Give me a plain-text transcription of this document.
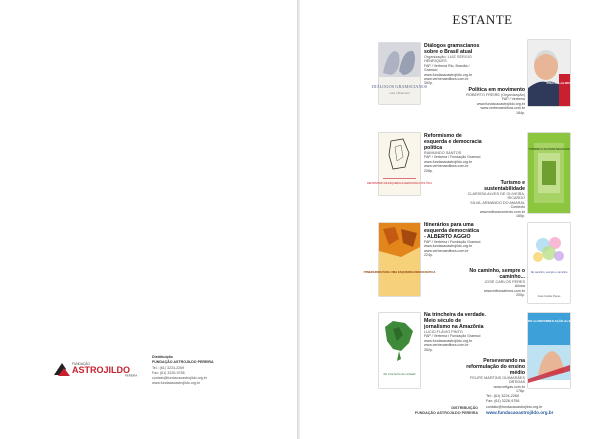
FUNDAÇÃO
ASTROJILDO
PEREIRA
Distribuição
FUNDAÇÃO ASTROJILDO PEREIRA
Tel.: (61) 3224-2269
Fax: (61) 3226-9756
contato@fundacaoastrojildo.org.br
www.fundacaoastrojildo.org.br
ESTANTE
DIÁLOGOS GRAMSCIANOS
sobre o Brasil atual
Diálogos gramscianos sobre o Brasil atual
Organização: LUIZ SÉRGIO HENRIQUES
FAP / Verbena Rio, Brasília / Gramsci
www.fundacaoastrojildo.org.br
www.verbenaeditora.com.br
392p.	POLÍTICA em MOVIMENTO
Política em movimento
ROBERTO FREIRE (Organização)
FAP / Verbena
www.fundacaoastrojildo.org.br
www.verbenaeditora.com.br
184p.
REFORMISMO DE ESQUERDA E DEMOCRACIA POLÍTICA
Reformismo de esquerda e democracia política
RAIMUNDO SANTOS
FAP / Verbena / Fundação Gramsci
www.fundacaoastrojildo.org.br
www.verbenaeditora.com.br
208p.
TURISMO E SUSTENTABILIDADE
Turismo e sustentabilidade
CLARISSA ALVES DE OLIVEIRA, RICARDO
SILVA, ARMANDO DO AMARAL
Contexto
www.editoracontexto.com.br
160p.
ITINERÁRIOS PARA UMA ESQUERDA DEMOCRÁTICA
Itinerários para uma esquerda democrática - ALBERTO AGGIO
FAP / Verbena / Fundação Gramsci
www.fundacaoastrojildo.org.br
www.verbenaeditora.com.br
224p.
No caminho, sempre o caminho
José Carlos Peres
No caminho, sempre o caminho...
JOSÉ CARLOS PERES
Alínea
www.editoraalinea.com.br
200p.
Na trincheira da verdade
Na trincheira da verdade. Meio século de jornalismo na Amazônia
LUCIO FLÁVIO PINTO
FAP / Verbena / Fundação Gramsci
www.fundacaoastrojildo.org.br
www.verbenaeditora.com.br
352p.
PERSEVERANDO na REFORMULAÇÃO do ENSINO MÉDIO
Perseverando na reformulação do ensino médio
FELIPE MARTINS GUIMARÃES
ORTIGAS
www.ortigas.com.br
176p.
DISTRIBUIÇÃO
FUNDAÇÃO ASTROJILDO PEREIRA
Tel.: (61) 3224-2269
Fax: (61) 3226-9756
contato@fundacaoastrojildo.org.br
www.fundacaoastrojildo.org.br
